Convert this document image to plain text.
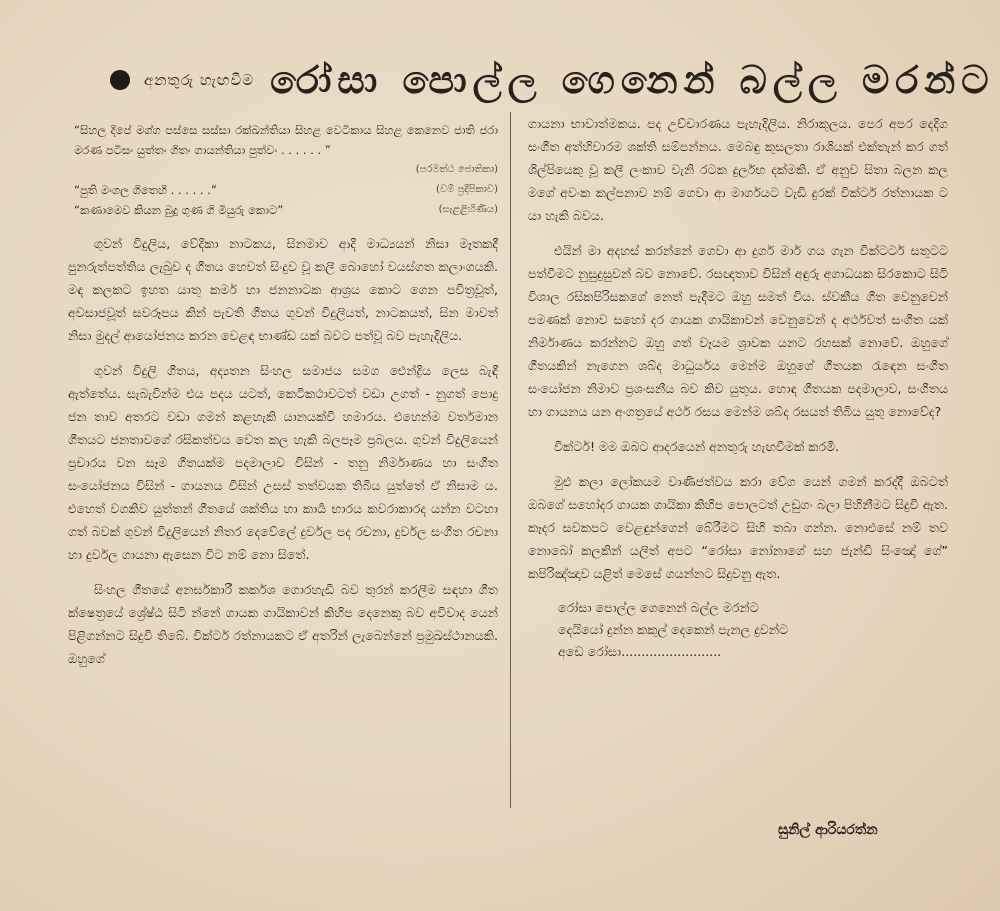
අනතුරු හැඟවීම රෝසා පොල්ල ගෙනෙන් බල්ල මරන්ට
“සිහල දිපේ මග්ග පස්සෙ සස්සා රක්ඛන්තියා සිහළ වෙටිකාය සිහළ කෙනෙව ජාති ජරා මරණ පටිසං යුත්තං ගිතං ගායන්තියා පුත්වං . . . . . . ”
(පරමත්ථ ජොතිකා)
“පුති මංගල ගිතෙහි . . . . . .”	(වම් ප්‍රදීපිකාව)
“කණාමෙව කියන බුදු ගුණ ගි මියුරු කොට”	(සැළළිහිණිය)

ගුවන් විදුලිය, වේදිකා නාටකය, සිනමාව ආදි මාධ්‍යයන් නිසා මෑතකදී පුනරුත්පත්තිය ලැබුව ද ගීතය හෙවත් සිංදුව වූ කලී බොහෝ වයස්ගත කලාංගයකි. මඳ කලකට ඉහත යාතු කර්ම හා ජනනාටක ආශ්‍රය කොට ගෙන පවිත්‍රවූත්, අවසාජවූත් සවරූපය කින් පැවති ගීතය ගුවන් විදුලියත්, නාටකයත්, සින මාවත් නිසා මුදල් ආයෝජනය කරන වෙළඳ භාණ්ඩ යක් බවට පත්වූ බව පැහැදිලිය.

ගුවන් විදුලි ගීතය, අද්‍යතන සිංහල සමාජය සමග ඓන්ද්‍රිය ලෙස බැඳී ඇත්තේය. සැබැවින්ම එය පදය යටත්, කෙටිකථාවටත් වඩා උගත් - නුගත් පොදු ජන තාව අතරට වඩා ගමන් කළහැකි යානයක්වී හමාරය. එහෙන්ම වර්තමාන ගීතයට ජනතාවගේ රසිකත්වය වෙත කල හැකි බලපෑම ප්‍රබලය. ගුවන් විදුලියෙන් ප්‍රචාරය වන සෑම ගීතයක්ම පදමාලාව විසින් - තනු නිර්මාණය හා සංගීත සංයෝජනය විසින් - ගායනය විසින් උසස් තත්වයක තිබිය යුත්තේ ඒ නිසාම ය. එහෙත් වගකිව යුත්තන් ගීතයේ ශක්තිය හා කාර්‍ය භාරය කවරාකාරද යන්න වටහා ගත් බවක් ගුවන් විදුලියෙන් නිතර දෙවේලේ දුර්වල පද රචනා, දුර්වල සංගීත රචනා හා දුර්වල ගායනා ඇසෙන විට නම් නො සිතේ.

සිංහල ගීතයේ අනර්ඝකාරී කර්කශ ගොරහැඩි බව තුරන් කරලීම සඳහා ගීත ක්ෂෙත්‍රයේ ශ්‍රේෂ්ඨ සිටි න්නේ ගායක ගායිකාවන් කිහිප දෙනෙකු බව අවිවාද යෙන් පිළිගන්නට සිදුවී තිබේ. වික්ටර් රත්නායකට ඒ අතරින් ලැබෙන්නේ ප්‍රමුඛස්ථානයකි. ඔහුගේ

ගායනා භාවාත්මකය. පද උච්චාරණය පැහැදිලිය. නිරාකූලය. පෙර අපර දෙදිග සංගීත අත්හිවාරම ශක්ති සම්පන්නය. මෙබඳු කුසලතා රාශියක් එක්තැන් කර ගත් ශිල්පියෙකු වූ කලී ලංකාව වැනි රටක දුර්ලභ දක්මකි. ඒ අනුව සිතා බලන කල මගේ අවංක කල්පනාව නම් ගෙවා ආ මාර්ගයට වැඩි දුරක් වික්ටර් රත්නායක ට යා හැකි බවය.

එයින් මා අදහස් කරන්නේ ගෙවා ආ දුර්ග මාර් ගය ගැන වික්ටර්ට සතුටට පත්වීමට නුසුදුසුවන් බව නොවේ. රසඥතාව විසින් අඳුරු අගාධයක සිරකොට සිටි විශාල රසිකපිරිසකගේ නෙත් පැදීමට ඔහු සමත් විය. ස්වකීය ගීත වෙනුවෙන් පමණක් නොව සහෝ දර ගායක ගායිකාවන් වෙනුවෙන් ද අර්ථවත් සංගීත යක් නිර්මාණය කරන්නට ඔහු ගත් වෑයම ශ්‍රාවක යනට රහසක් නොවේ. ඔහුගේ ගීතයකින් නැගෙන ශබ්ද මාධුර්යය මෙන්ම ඔහුගේ ගීතයක රැඳෙන සංගීත සංයෝජන නිමාව ප්‍රශංසනීය බව කිව යුතුය. හොඳ ගීතයක පදමාලාව, සංගීතය හා ගායනය යන අංගත්‍රයේ අර්ථ රසය මෙන්ම ශබ්ද රසයත් තිබිය යුතු නොවේද?

වික්ටර්! මම ඔබට ආදරයෙන් අනතුරු හැඟවීමක් කරමි.

මුළු කලා ලෝකයම වාණිජත්වය කරා වේග යෙන් ගමන් කරද්දී ඔබටත් ඔබගේ සහෝදර ගායක ගායිකා කිහිප පොලටත් උඩුගං බලා පිහිනීමට සිදුවී ඇත. කෑදර සවකපට වෙළඳුන්ගෙන් බේරීමට සිහි තබා ගන්න. නොඑසේ නම් තව නොබෝ කලකින් යලිත් අපට “රෝසා නෝනාගේ සහ ජැන්ඩි සිංඤෝ ගේ” කපිරිඤ්ඤාව යළිත් මෙසේ ගයන්නට සිදුවනු ඇත.

රෝසා පොල්ල ගෙනෙන් බල්ල මරන්ට
දෙයියෝ දුන්න කකුල් දෙකෙන් පැනල දුවන්ට
අඩෙ රෝසා.........................
සුනිල් ආරියරත්න
